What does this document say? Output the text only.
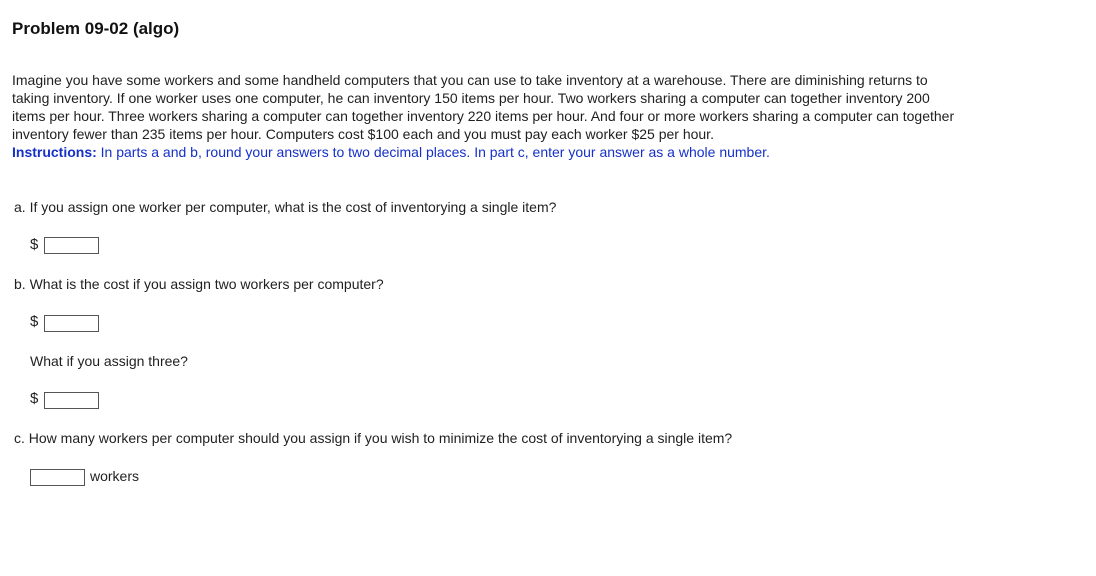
Problem 09-02 (algo)

Imagine you have some workers and some handheld computers that you can use to take inventory at a warehouse. There are diminishing returns to taking inventory. If one worker uses one computer, he can inventory 150 items per hour. Two workers sharing a computer can together inventory 200 items per hour. Three workers sharing a computer can together inventory 220 items per hour. And four or more workers sharing a computer can together inventory fewer than 235 items per hour. Computers cost $100 each and you must pay each worker $25 per hour.

Instructions: In parts a and b, round your answers to two decimal places. In part c, enter your answer as a whole number.

a. If you assign one worker per computer, what is the cost of inventorying a single item?
$
b. What is the cost if you assign two workers per computer?
$
What if you assign three?
$
c. How many workers per computer should you assign if you wish to minimize the cost of inventorying a single item?
workers
